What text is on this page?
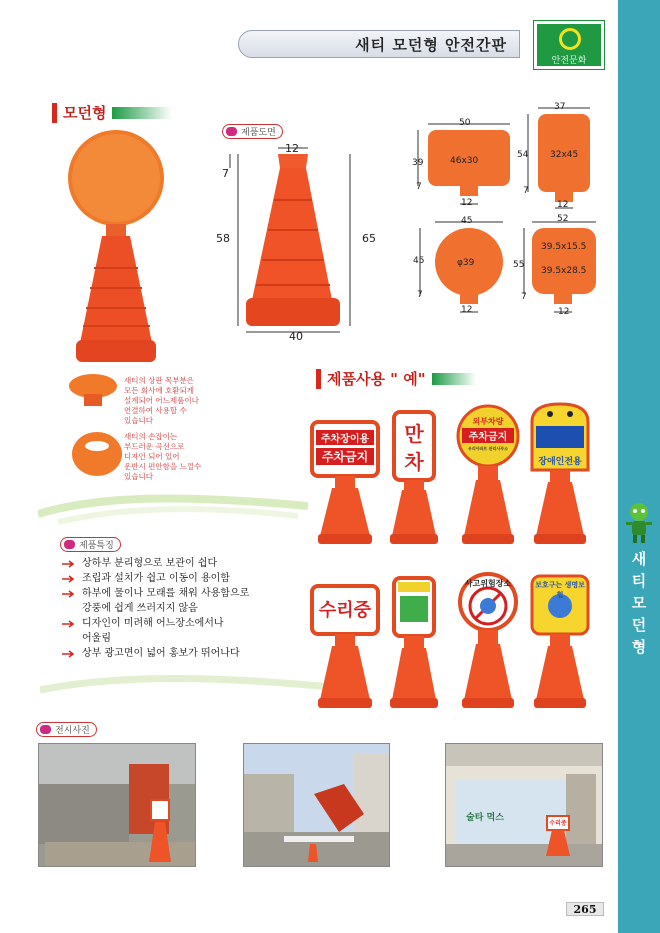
새
티
모
던
형
새티 모던형 안전간판
안전문화
모던형
제품도면
12
7
58	65
40
50
39	46x30
7
12
37
54 32x45
7
12
45
45	φ39
7
12
52
55
39.5x15.5
39.5x28.5
7
12
새티의 상판 목부분은
모든 회사에 호환되게
설계되어 어느제품이나
연결하여 사용할 수
있습니다
새티의 손잡이는
부드러운 곡선으로
디자인 되어 있어
운반시 편안함을 느낄수
있습니다
제품사용 " 예"
제품특징
상하부 분리형으로 보관이 쉽다
조립과 설치가 쉽고 이동이 용이함
하부에 물이나 모래를 채워 사용함으로
강풍에 쉽게 쓰러지지 않음
디자인이 미려해 어느장소에서나
어울림
상부 광고면이 넓어 홍보가 뛰어나다
주차장이용
주차금지
만
차
외부차량
주차금지
우리아파트 관리사무소
장애인전용
수리중
사고위험장소	보호구는 생명보험
전시사진
술타 먹스
수리중
265
